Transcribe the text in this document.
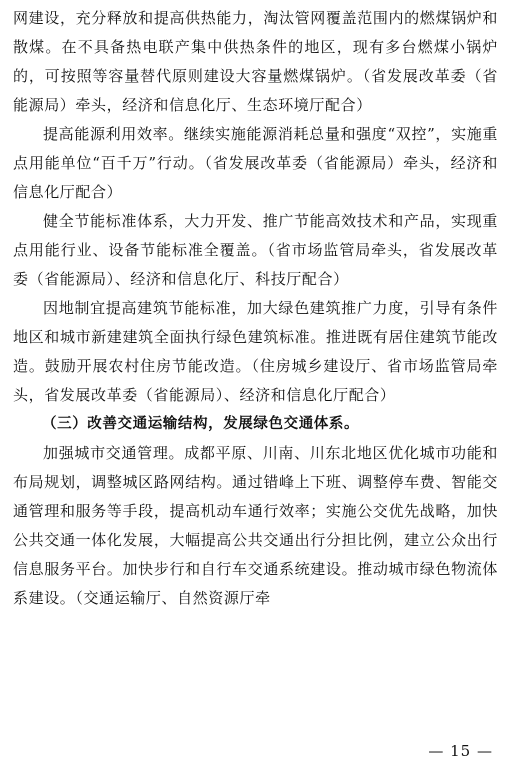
网建设，充分释放和提高供热能力，淘汰管网覆盖范围内的燃煤锅炉和散煤。在不具备热电联产集中供热条件的地区，现有多台燃煤小锅炉的，可按照等容量替代原则建设大容量燃煤锅炉。（省发展改革委（省能源局）牵头，经济和信息化厅、生态环境厅配合）

提高能源利用效率。继续实施能源消耗总量和强度“双控”，实施重点用能单位“百千万”行动。（省发展改革委（省能源局）牵头，经济和信息化厅配合）

健全节能标准体系，大力开发、推广节能高效技术和产品，实现重点用能行业、设备节能标准全覆盖。（省市场监管局牵头，省发展改革委（省能源局）、经济和信息化厅、科技厅配合）

因地制宜提高建筑节能标准，加大绿色建筑推广力度，引导有条件地区和城市新建建筑全面执行绿色建筑标准。推进既有居住建筑节能改造。鼓励开展农村住房节能改造。（住房城乡建设厅、省市场监管局牵头，省发展改革委（省能源局）、经济和信息化厅配合）

（三）改善交通运输结构，发展绿色交通体系。

加强城市交通管理。成都平原、川南、川东北地区优化城市功能和布局规划，调整城区路网结构。通过错峰上下班、调整停车费、智能交通管理和服务等手段，提高机动车通行效率；实施公交优先战略，加快公共交通一体化发展，大幅提高公共交通出行分担比例，建立公众出行信息服务平台。加快步行和自行车交通系统建设。推动城市绿色物流体系建设。（交通运输厅、自然资源厅牵

— 15 —
